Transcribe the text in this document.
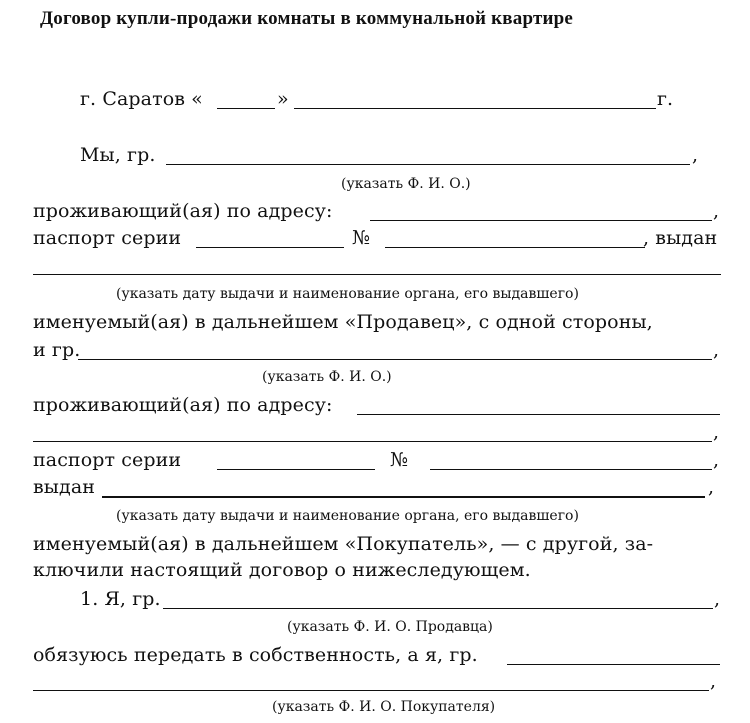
Договор купли-продажи комнаты в коммунальной квартире
г. Саратов «	»	г.
Мы, гр.	,
(указать Ф. И. О.)
проживающий(ая) по адресу:	,
паспорт серии	№	, выдан
(указать дату выдачи и наименование органа, его выдавшего)
именуемый(ая) в дальнейшем «Продавец», с одной стороны,
и гр.	,
(указать Ф. И. О.)
проживающий(ая) по адресу:
,
паспорт серии	№	,
выдан	,
(указать дату выдачи и наименование органа, его выдавшего)
именуемый(ая) в дальнейшем «Покупатель», — с другой, за-
ключили настоящий договор о нижеследующем.
1. Я, гр.	,
(указать Ф. И. О. Продавца)
обязуюсь передать в собственность, а я, гр.
,
(указать Ф. И. О. Покупателя)
